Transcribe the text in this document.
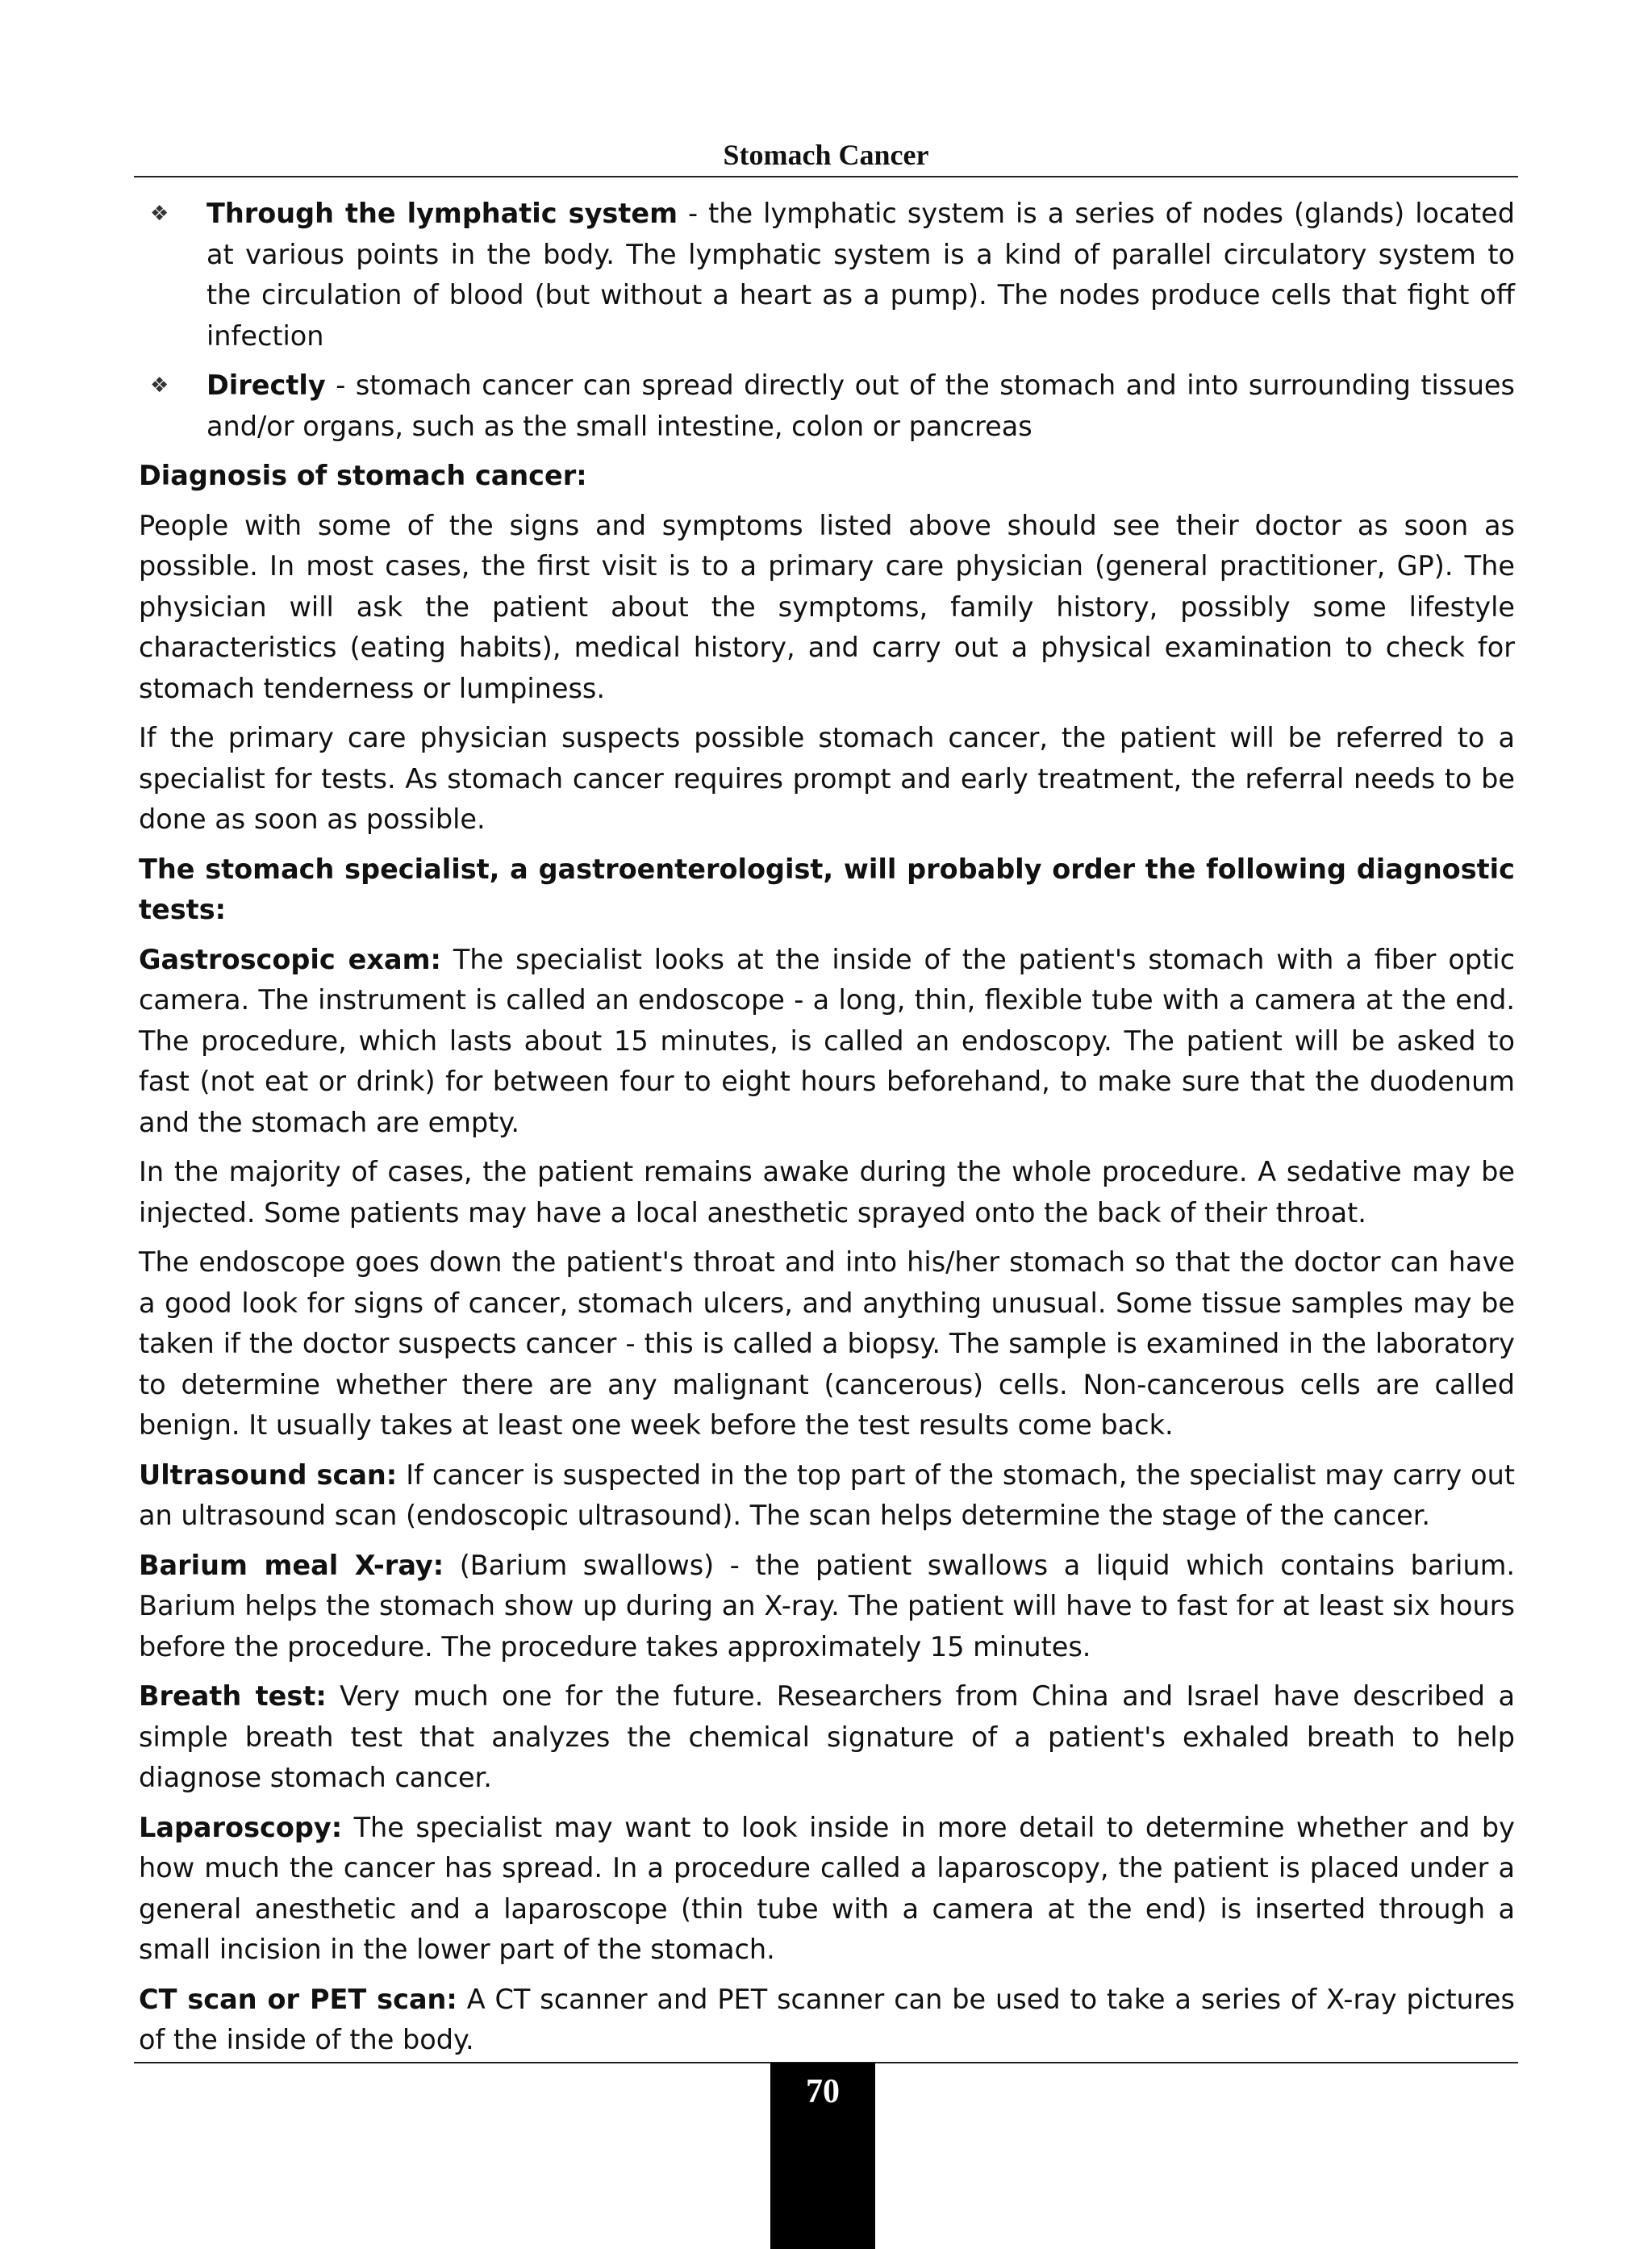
Stomach Cancer
❖ Through the lymphatic system - the lymphatic system is a series of nodes (glands) located at various points in the body. The lymphatic system is a kind of parallel circulatory system to the circulation of blood (but without a heart as a pump). The nodes produce cells that fight off infection
❖ Directly - stomach cancer can spread directly out of the stomach and into surrounding tissues and/or organs, such as the small intestine, colon or pancreas

Diagnosis of stomach cancer:

People with some of the signs and symptoms listed above should see their doctor as soon as possible. In most cases, the first visit is to a primary care physician (general practitioner, GP). The physician will ask the patient about the symptoms, family history, possibly some lifestyle characteristics (eating habits), medical history, and carry out a physical examination to check for stomach tenderness or lumpiness.

If the primary care physician suspects possible stomach cancer, the patient will be referred to a specialist for tests. As stomach cancer requires prompt and early treatment, the referral needs to be done as soon as possible.

The stomach specialist, a gastroenterologist, will probably order the following diagnostic tests:

Gastroscopic exam: The specialist looks at the inside of the patient's stomach with a fiber optic camera. The instrument is called an endoscope - a long, thin, flexible tube with a camera at the end. The procedure, which lasts about 15 minutes, is called an endoscopy. The patient will be asked to fast (not eat or drink) for between four to eight hours beforehand, to make sure that the duodenum and the stomach are empty.

In the majority of cases, the patient remains awake during the whole procedure. A sedative may be injected. Some patients may have a local anesthetic sprayed onto the back of their throat.

The endoscope goes down the patient's throat and into his/her stomach so that the doctor can have a good look for signs of cancer, stomach ulcers, and anything unusual. Some tissue samples may be taken if the doctor suspects cancer - this is called a biopsy. The sample is examined in the laboratory to determine whether there are any malignant (cancerous) cells. Non-cancerous cells are called benign. It usually takes at least one week before the test results come back.

Ultrasound scan: If cancer is suspected in the top part of the stomach, the specialist may carry out an ultrasound scan (endoscopic ultrasound). The scan helps determine the stage of the cancer.

Barium meal X-ray: (Barium swallows) - the patient swallows a liquid which contains barium. Barium helps the stomach show up during an X-ray. The patient will have to fast for at least six hours before the procedure. The procedure takes approximately 15 minutes.

Breath test: Very much one for the future. Researchers from China and Israel have described a simple breath test that analyzes the chemical signature of a patient's exhaled breath to help diagnose stomach cancer.

Laparoscopy: The specialist may want to look inside in more detail to determine whether and by how much the cancer has spread. In a procedure called a laparoscopy, the patient is placed under a general anesthetic and a laparoscope (thin tube with a camera at the end) is inserted through a small incision in the lower part of the stomach.

CT scan or PET scan: A CT scanner and PET scanner can be used to take a series of X-ray pictures of the inside of the body.

70
